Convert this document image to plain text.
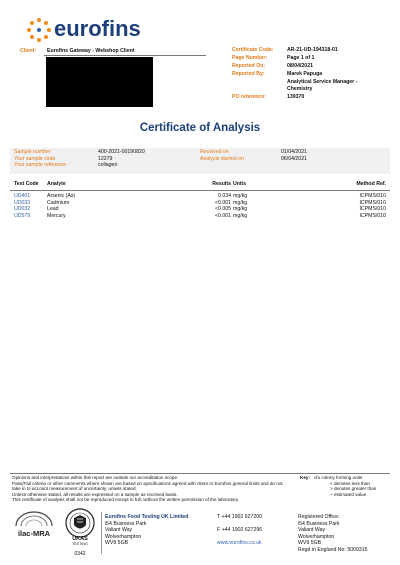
eurofins
Client: Eurofins Gateway - Webshop Client	Certificate Code:	AR-21-UD-194318-01
Page Number:	Page 1 of 1
Reported On:	08/04/2021
Reported By:	Marek Papuga
Analytical Service Manager - Chemistry
PO reference:	139370
Certificate of Analysis
Sample number	400-2021-00190820	Received on	01/04/2021
Your sample code	12279	Analysis started on	06/04/2021
Your sample reference	collagen
Test Code	Analyte	Results Units	Method Ref.
UD401	Arsenic (As)	0.034 mg/kg	ICPMS/010
UD033	Cadmium	<0.001 mg/kg	ICPMS/010
UD032	Lead	<0.005 mg/kg	ICPMS/010
UD579	Mercury	<0.001 mg/kg	ICPMS/010
Opinions and interpretations within this report are outside our accreditation scope.
Pass/Fail criteria or other comments where shown are based on specifications agreed with client or Eurofins general limits and do not
take in to account measurement of uncertainty, unless stated.
Unless otherwise stated, all results are expressed on a sample as received basis.
This certificate of analysis shall not be reproduced except in full, without the written permission of the laboratory.
Key: cfu colony forming units
< denotes less than
> denotes greater than
~ estimated value
ilac-MRA
UKAS
TESTING
0342
Eurofins Food Testing UK Limited
i54 Business Park
Valiant Way
Wolverhampton
WV9 5GB
T +44 1902 627200
F +44 1902 627296
www.eurofins.co.uk
Registered Office:
i54 Business Park
Valiant Way
Wolverhampton
WV9 5GB
Regd in England No: 5009315
